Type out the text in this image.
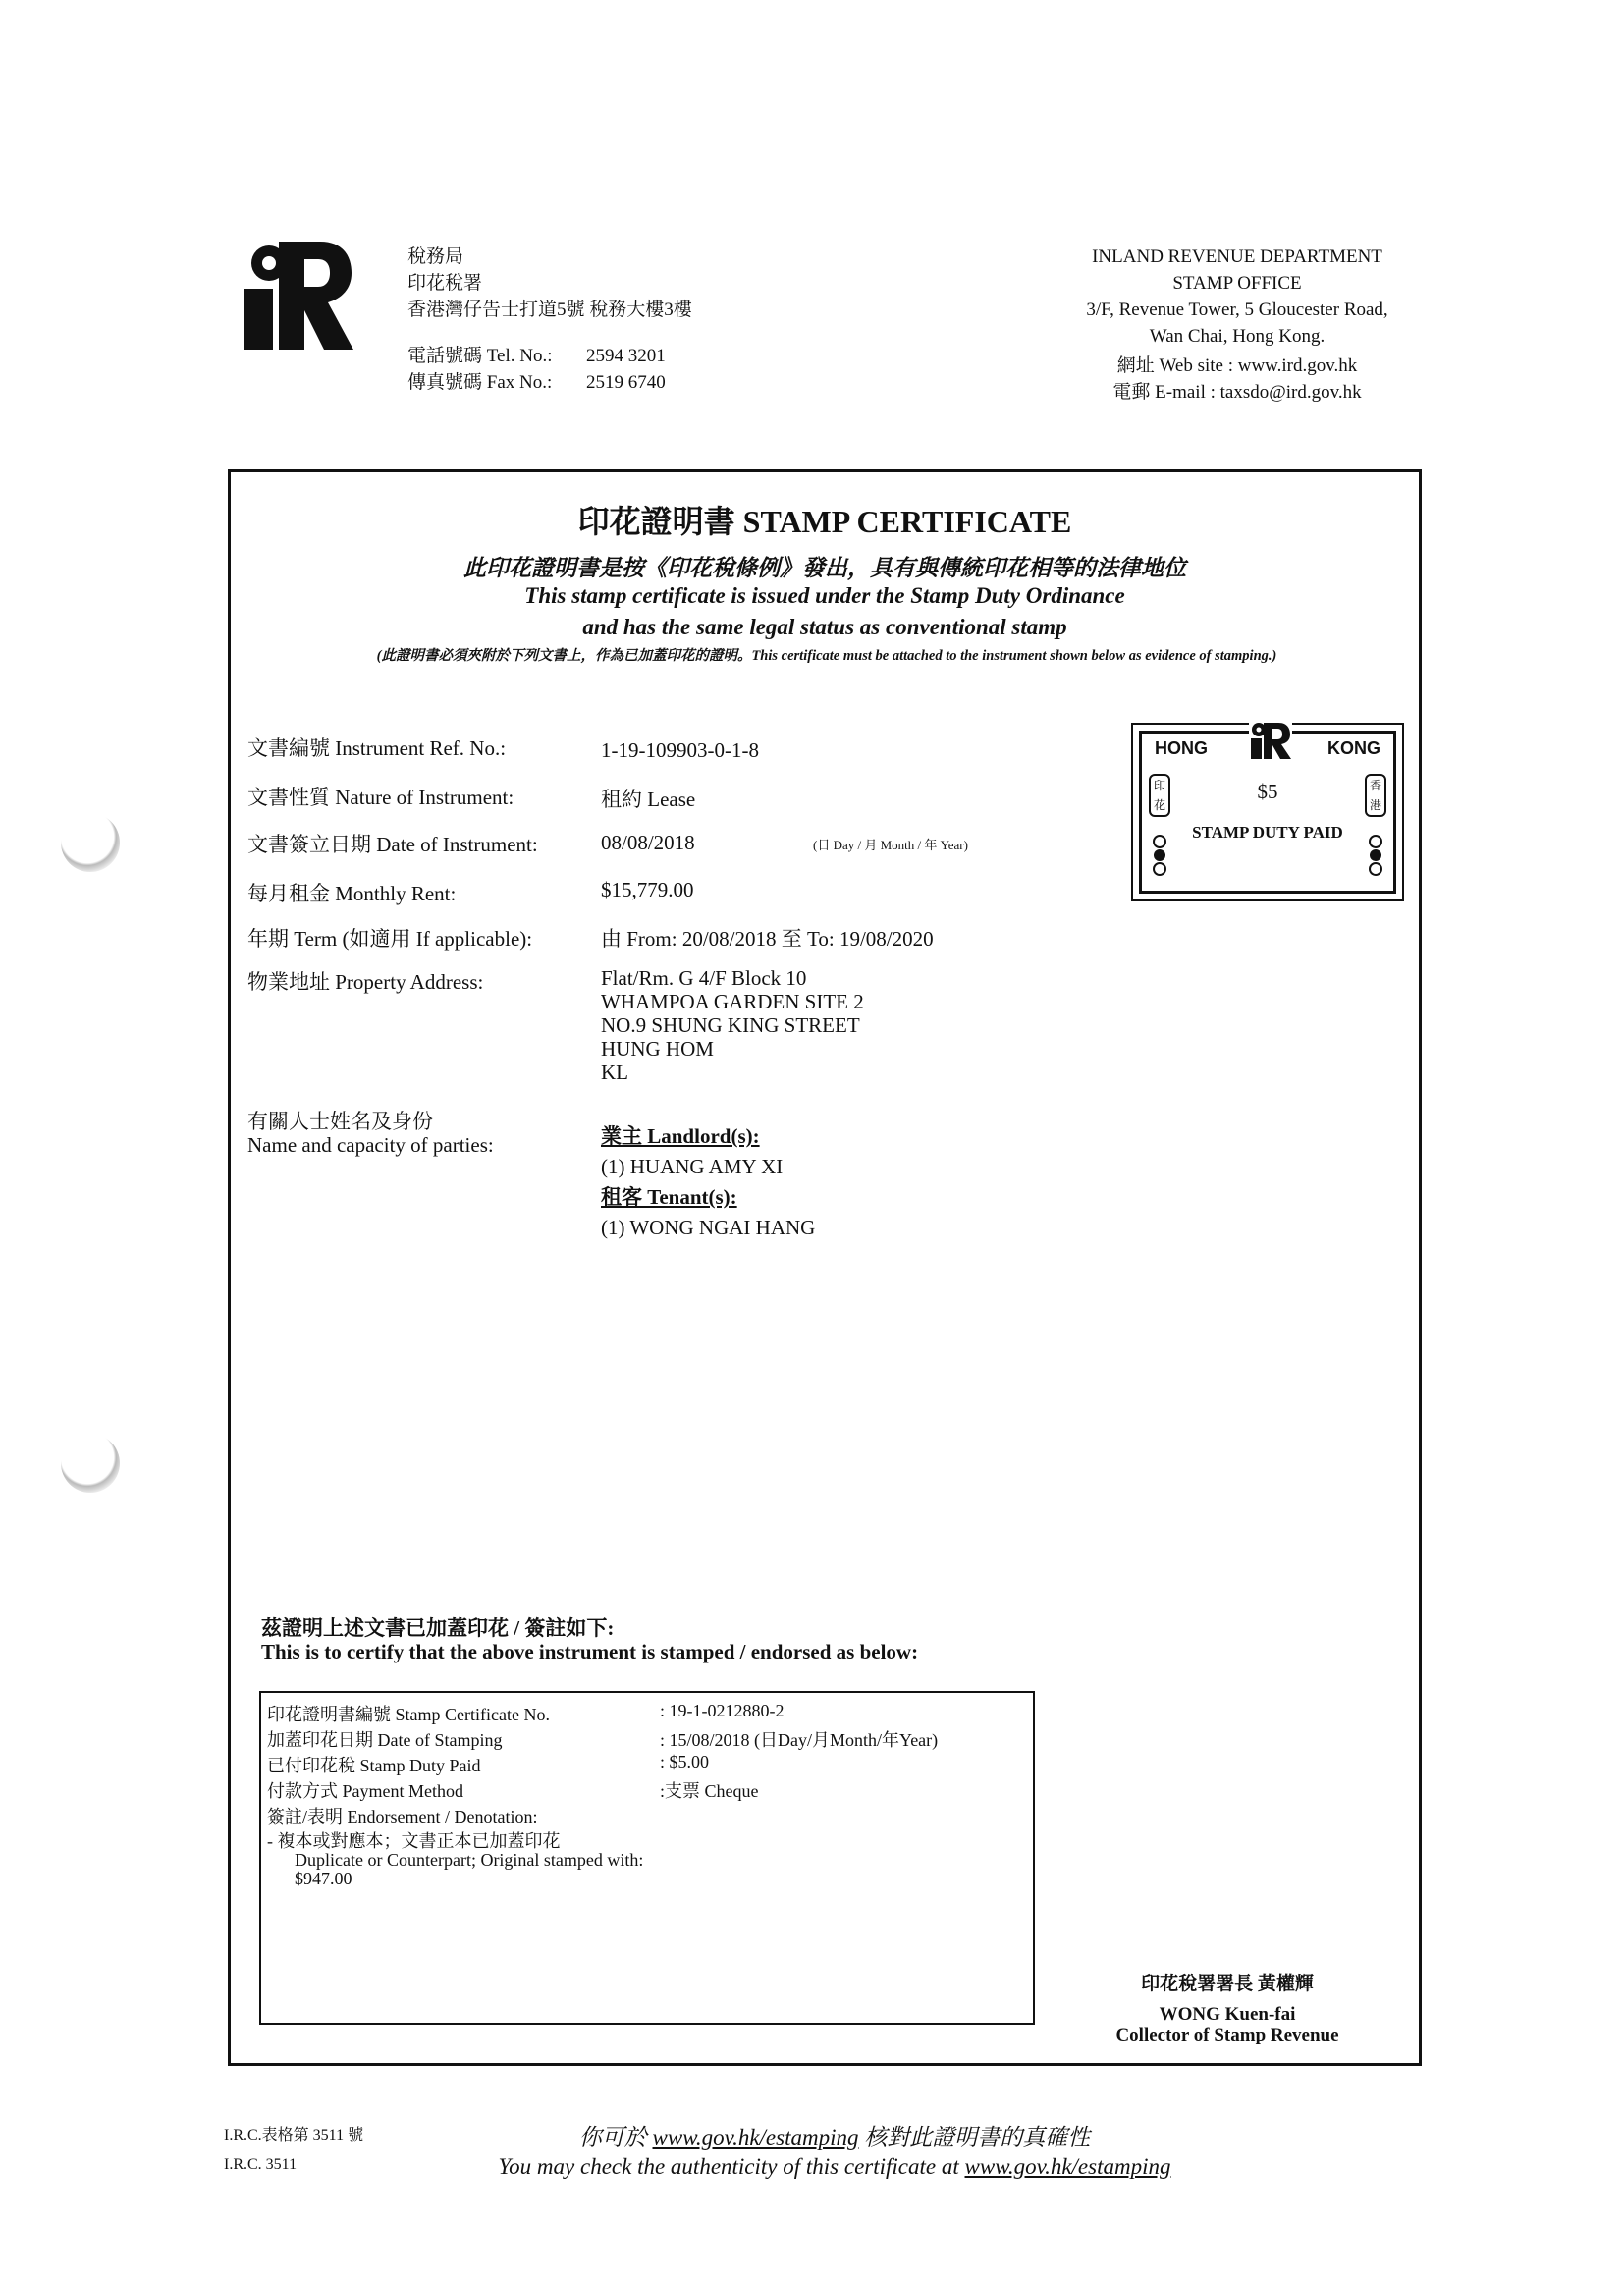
稅務局
印花稅署
香港灣仔告士打道5號 稅務大樓3樓
電話號碼 Tel. No.:	2594 3201
傳真號碼 Fax No.:	2519 6740
INLAND REVENUE DEPARTMENT
STAMP OFFICE
3/F, Revenue Tower, 5 Gloucester Road,
Wan Chai, Hong Kong.
網址 Web site : www.ird.gov.hk
電郵 E-mail : taxsdo@ird.gov.hk
印花證明書 STAMP CERTIFICATE
此印花證明書是按《印花稅條例》發出，具有與傳統印花相等的法律地位
This stamp certificate is issued under the Stamp Duty Ordinance
and has the same legal status as conventional stamp
(此證明書必須夾附於下列文書上，作為已加蓋印花的證明。This certificate must be attached to the instrument shown below as evidence of stamping.)
文書編號 Instrument Ref. No.:	1-19-109903-0-1-8
文書性質 Nature of Instrument:	租約 Lease
文書簽立日期 Date of Instrument:	08/08/2018	(日 Day / 月 Month / 年 Year)
每月租金 Monthly Rent:	$15,779.00
年期 Term (如適用 If applicable):	由 From: 20/08/2018 至 To: 19/08/2020
物業地址 Property Address:	Flat/Rm. G 4/F Block 10
WHAMPOA GARDEN SITE 2
NO.9 SHUNG KING STREET
HUNG HOM
KL
有關人士姓名及身份
Name and capacity of parties:	業主 Landlord(s):
(1) HUANG AMY XI
租客 Tenant(s):
(1) WONG NGAI HANG
HONG	KONG
印花
香港
$5
STAMP DUTY PAID
茲證明上述文書已加蓋印花 / 簽註如下:
This is to certify that the above instrument is stamped / endorsed as below:
印花證明書編號 Stamp Certificate No.	: 19-1-0212880-2
加蓋印花日期 Date of Stamping	: 15/08/2018 (日Day/月Month/年Year)
已付印花稅 Stamp Duty Paid	: $5.00
付款方式 Payment Method	:支票 Cheque
簽註/表明 Endorsement / Denotation:
- 複本或對應本；文書正本已加蓋印花
Duplicate or Counterpart; Original stamped with:
$947.00
印花稅署署長 黃權輝
WONG Kuen-fai
Collector of Stamp Revenue
I.R.C.表格第 3511 號
I.R.C. 3511
你可於 www.gov.hk/estamping 核對此證明書的真確性
You may check the authenticity of this certificate at www.gov.hk/estamping
